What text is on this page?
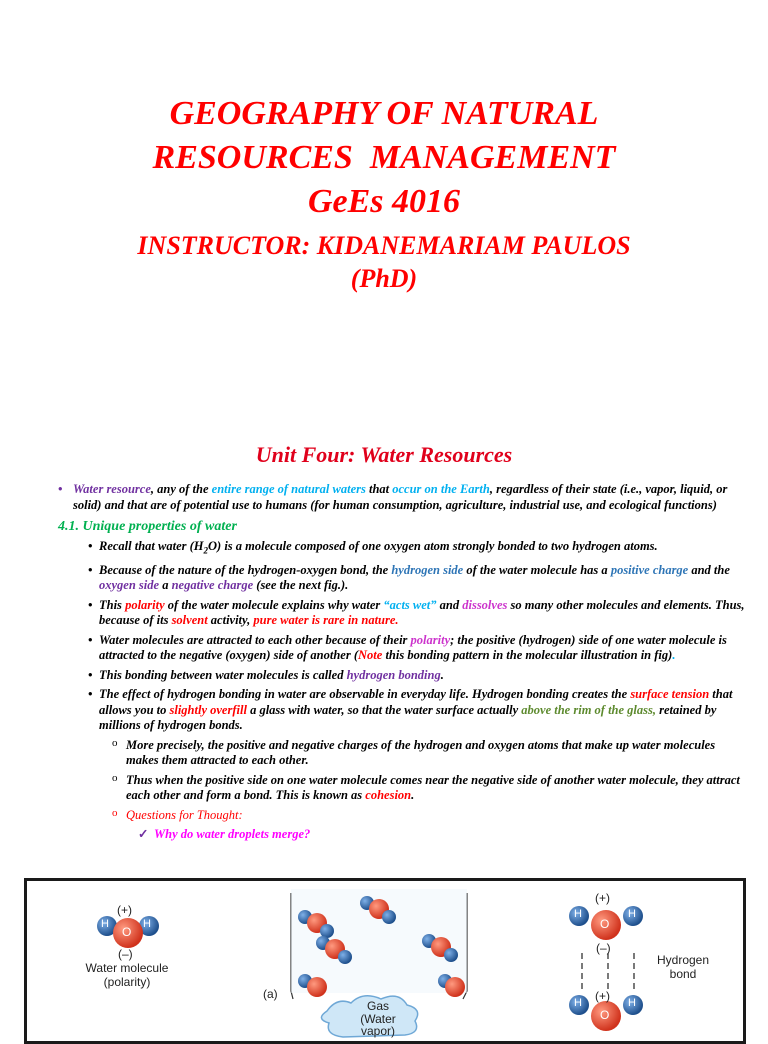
GEOGRAPHY OF NATURAL
RESOURCES  MANAGEMENT
GeEs 4016
INSTRUCTOR: KIDANEMARIAM PAULOS
(PhD)
Unit Four: Water Resources
• Water resource, any of the entire range of natural waters that occur on the Earth, regardless of their state (i.e., vapor, liquid, or solid) and that are of potential use to humans (for human consumption, agriculture, industrial use, and ecological functions)
4.1. Unique properties of water
• Recall that water $(H_2O)$ is a molecule composed of one oxygen atom strongly bonded to two hydrogen atoms.
• Because of the nature of the hydrogen-oxygen bond, the hydrogen side of the water molecule has a positive charge and the oxygen side a negative charge (see the next fig.).
• This polarity of the water molecule explains why water “acts wet” and dissolves so many other molecules and elements. Thus, because of its solvent activity, pure water is rare in nature.
• Water molecules are attracted to each other because of their polarity; the positive (hydrogen) side of one water molecule is attracted to the negative (oxygen) side of another (Note this bonding pattern in the molecular illustration in fig).
• This bonding between water molecules is called hydrogen bonding.
• The effect of hydrogen bonding in water are observable in everyday life. Hydrogen bonding creates the surface tension that allows you to slightly overfill a glass with water, so that the water surface actually above the rim of the glass, retained by millions of hydrogen bonds.
o More precisely, the positive and negative charges of the hydrogen and oxygen atoms that make up water molecules makes them attracted to each other.
o Thus when the positive side on one water molecule comes near the negative side of another water molecule, they attract each other and form a bond. This is known as cohesion.
o Questions for Thought:
✓ Why do water droplets merge?
H
O
H
(+)
(–)
Water molecule
(polarity)
(a)
Gas
(Water
vapor)
H
O
H
(+)
(–)
(+)
H
O
H
Hydrogen
bond
